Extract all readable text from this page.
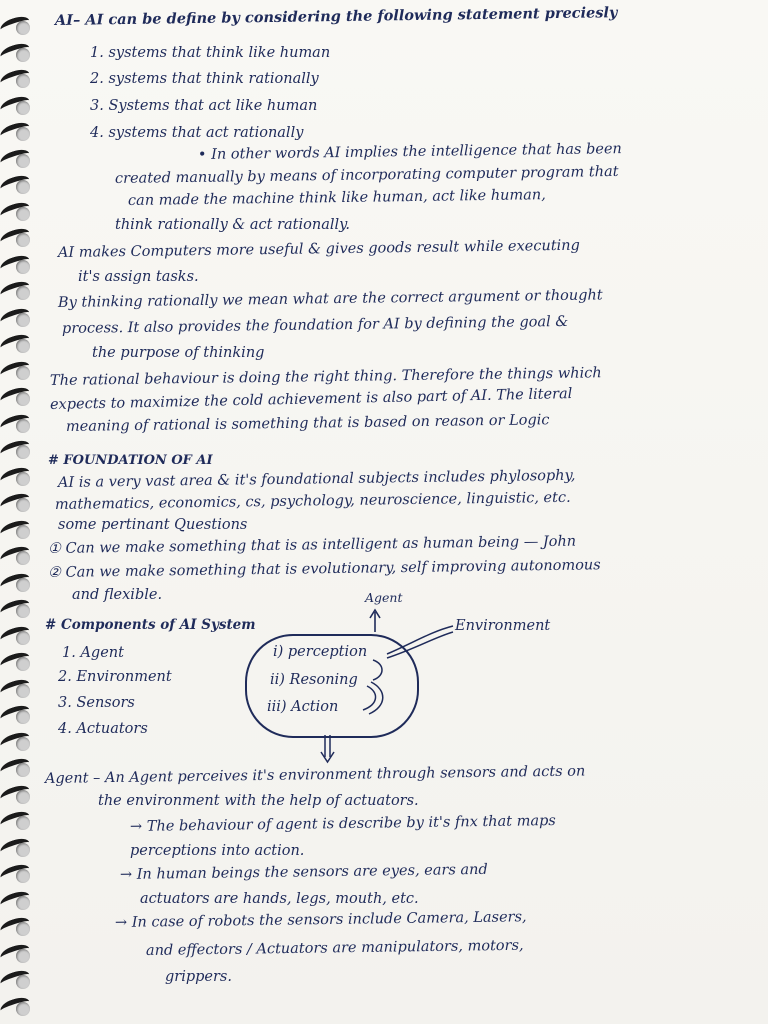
AI– AI can be define by considering the following statement preciesly
1. systems that think like human
2. systems that think rationally
3. Systems that act like human
4. systems that act rationally
• In other words AI implies the intelligence that has been
created manually by means of incorporating computer program that
can made the machine think like human, act like human,
think rationally & act rationally.
AI makes Computers more useful & gives goods result while executing
it's assign tasks.
By thinking rationally we mean what are the correct argument or thought
process. It also provides the foundation for AI by defining the goal &
the purpose of thinking
The rational behaviour is doing the right thing. Therefore the things which
expects to maximize the cold achievement is also part of AI. The literal
meaning of rational is something that is based on reason or Logic
# FOUNDATION OF AI
AI is a very vast area & it's foundational subjects includes phylosophy,
mathematics, economics, cs, psychology, neuroscience, linguistic, etc.
some pertinant Questions
① Can we make something that is as intelligent as human being — John
② Can we make something that is evolutionary, self improving autonomous
and flexible.
# Components of AI System
1. Agent
2. Environment
3. Sensors
4. Actuators
Agent
Environment
i) perception
ii) Resoning
iii) Action
Agent – An Agent perceives it's environment through sensors and acts on
the environment with the help of actuators.
→ The behaviour of agent is describe by it's fnx that maps
perceptions into action.
→ In human beings the sensors are eyes, ears and
actuators are hands, legs, mouth, etc.
→ In case of robots the sensors include Camera, Lasers,
and effectors / Actuators are manipulators, motors,
grippers.
